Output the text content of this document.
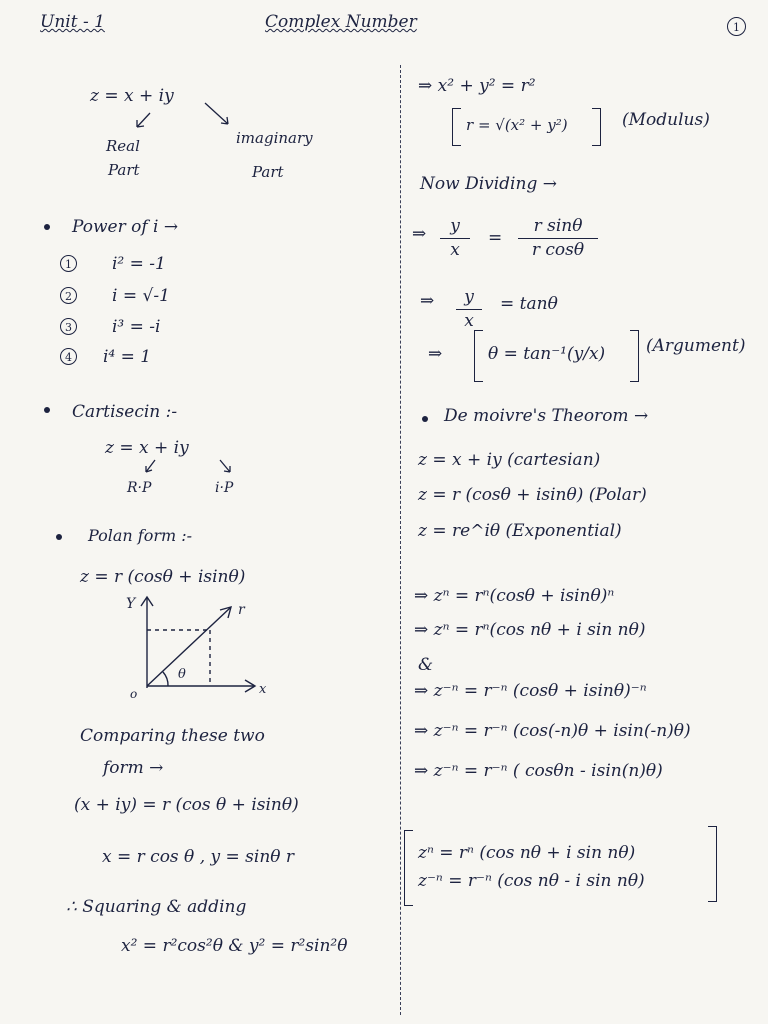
Unit - 1	Complex Number	1
z = x + iy
Real
Part
imaginary
Part
Power of i →
1 i² = -1
2 i = √-1
3 i³ = -i
4 i⁴ = 1
Cartisecin :-
z = x + iy
R·P	i·P
Polan form :-
z = r (cosθ + isinθ)
Y	r
θ
o	x
Comparing these two
form →
(x + iy) = r (cos θ + isinθ)
x = r cos θ , y = sinθ r
∴ Squaring & adding
x² = r²cos²θ & y² = r²sin²θ
⇒ x² + y² = r²
r = √(x² + y²)	(Modulus)
Now Dividing →
⇒	y
x
=
r sinθ
r cosθ
⇒	y
x
= tanθ
⇒	θ = tan⁻¹(y/x) (Argument)
De moivre's Theorom →
z = x + iy (cartesian)
z = r (cosθ + isinθ) (Polar)
z = re^iθ (Exponential)
⇒ zⁿ = rⁿ(cosθ + isinθ)ⁿ
⇒ zⁿ = rⁿ(cos nθ + i sin nθ)
&
⇒ z⁻ⁿ = r⁻ⁿ (cosθ + isinθ)⁻ⁿ
⇒ z⁻ⁿ = r⁻ⁿ (cos(-n)θ + isin(-n)θ)
⇒ z⁻ⁿ = r⁻ⁿ ( cosθn - isin(n)θ)
zⁿ = rⁿ (cos nθ + i sin nθ)
z⁻ⁿ = r⁻ⁿ (cos nθ - i sin nθ)
